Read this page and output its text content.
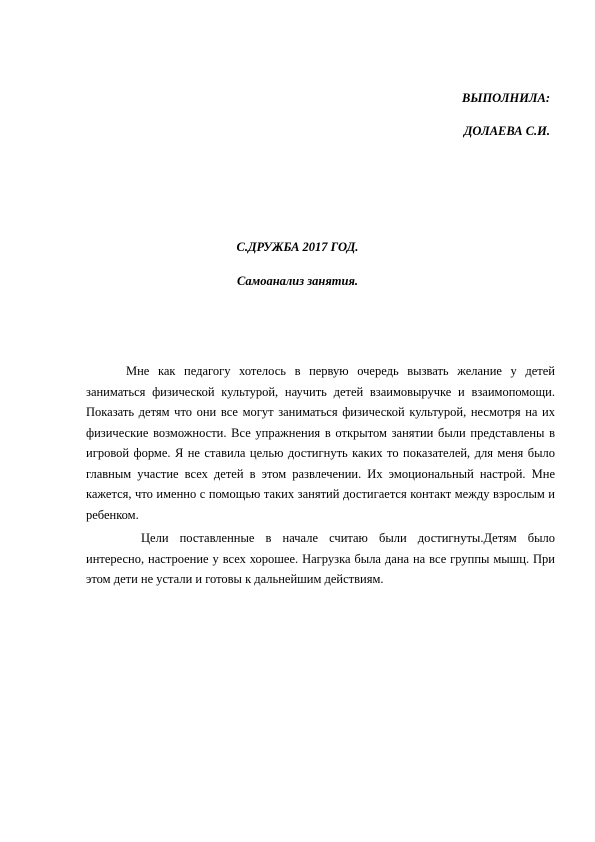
ВЫПОЛНИЛА:
ДОЛАЕВА С.И.
С.ДРУЖБА 2017 ГОД.
Самоанализ занятия.

Мне как педагогу хотелось в первую очередь вызвать желание у детей заниматься физической культурой, научить детей взаимовыручке и взаимопомощи. Показать детям что они все могут заниматься физической культурой, несмотря на их физические возможности. Все упражнения в открытом занятии были представлены в игровой форме. Я не ставила целью достигнуть каких то показателей, для меня было главным участие всех детей в этом развлечении. Их эмоциональный настрой. Мне кажется, что именно с помощью таких занятий достигается контакт между взрослым и ребенком.

Цели поставленные в начале считаю были достигнуты.Детям было интересно, настроение у всех хорошее. Нагрузка была дана на все группы мышц. При этом дети не устали и готовы к дальнейшим действиям.
